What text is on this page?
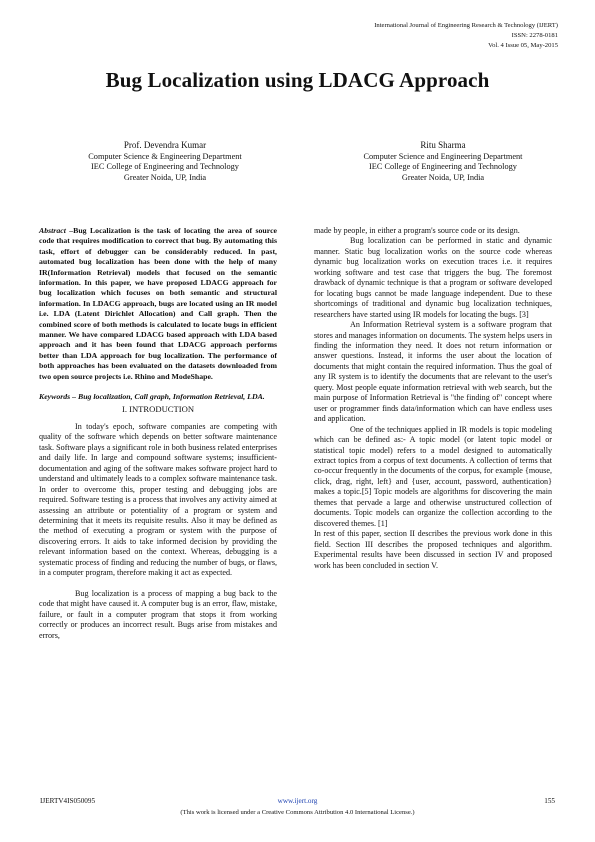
International Journal of Engineering Research & Technology (IJERT)
ISSN: 2278-0181
Vol. 4 Issue 05, May-2015
Bug Localization using LDACG Approach
Prof. Devendra Kumar
Computer Science & Engineering Department
IEC College of Engineering and Technology
Greater Noida, UP, India
Ritu Sharma
Computer Science and Engineering Department
IEC College of Engineering and Technology
Greater Noida, UP, India

Abstract –Bug Localization is the task of locating the area of source code that requires modification to correct that bug. By automating this task, effort of debugger can be considerably reduced. In past, automated bug localization has been done with the help of many IR(Information Retrieval) models that focused on the semantic information. In this paper, we have proposed LDACG approach for bug localization which focuses on both semantic and structural information. In LDACG approach, bugs are located using an IR model i.e. LDA (Latent Dirichlet Allocation) and Call graph. Then the combined score of both methods is calculated to locate bugs in efficient manner. We have compared LDACG based approach with LDA based approach and it has been found that LDACG approach performs better than LDA approach for bug localization. The performance of both approaches has been evaluated on the datasets downloaded from two open source projects i.e. Rhino and ModeShape.

Keywords – Bug localization, Call graph, Information Retrieval, LDA.

I. INTRODUCTION

In today's epoch, software companies are competing with quality of the software which depends on better software maintenance task. Software plays a significant role in both business related enterprises and daily life. In large and compound software systems; insufficient-documentation and aging of the software makes software project hard to understand and ultimately leads to a complex software maintenance task. In order to overcome this, proper testing and debugging jobs are required. Software testing is a process that involves any activity aimed at assessing an attribute or potentiality of a program or system and determining that it meets its requisite results. Also it may be defined as the method of executing a program or system with the purpose of discovering errors. It aids to take informed decision by providing the relevant information based on the context. Whereas, debugging is a systematic process of finding and reducing the number of bugs, or flaws, in a computer program, therefore making it act as expected.

Bug localization is a process of mapping a bug back to the code that might have caused it. A computer bug is an error, flaw, mistake, failure, or fault in a computer program that stops it from working correctly or produces an incorrect result. Bugs arise from mistakes and errors,

made by people, in either a program's source code or its design.

Bug localization can be performed in static and dynamic manner. Static bug localization works on the source code whereas dynamic bug localization works on execution traces i.e. it requires working software and test case that triggers the bug. The foremost drawback of dynamic technique is that a program or software developed for locating bugs cannot be made language independent. Due to these shortcomings of traditional and dynamic bug localization techniques, researchers have started using IR models for locating the bugs. [3]

An Information Retrieval system is a software program that stores and manages information on documents. The system helps users in finding the information they need. It does not return information or answer questions. Instead, it informs the user about the location of documents that might contain the required information. Thus the goal of any IR system is to identify the documents that are relevant to the user's query. Most people equate information retrieval with web search, but the main purpose of Information Retrieval is "the finding of" concept where user or programmer finds data/information which can have endless uses and application.

One of the techniques applied in IR models is topic modeling which can be defined as:- A topic model (or latent topic model or statistical topic model) refers to a model designed to automatically extract topics from a corpus of text documents. A collection of terms that co-occur frequently in the documents of the corpus, for example {mouse, click, drag, right, left} and {user, account, password, authentication} makes a topic.[5] Topic models are algorithms for discovering the main themes that pervade a large and otherwise unstructured collection of documents. Topic models can organize the collection according to the discovered themes. [1]

In rest of this paper, section II describes the previous work done in this field. Section III describes the proposed techniques and algorithm. Experimental results have been discussed in section IV and proposed work has been concluded in section V.

IJERTV4IS050095	www.ijert.org	155
(This work is licensed under a Creative Commons Attribution 4.0 International License.)
